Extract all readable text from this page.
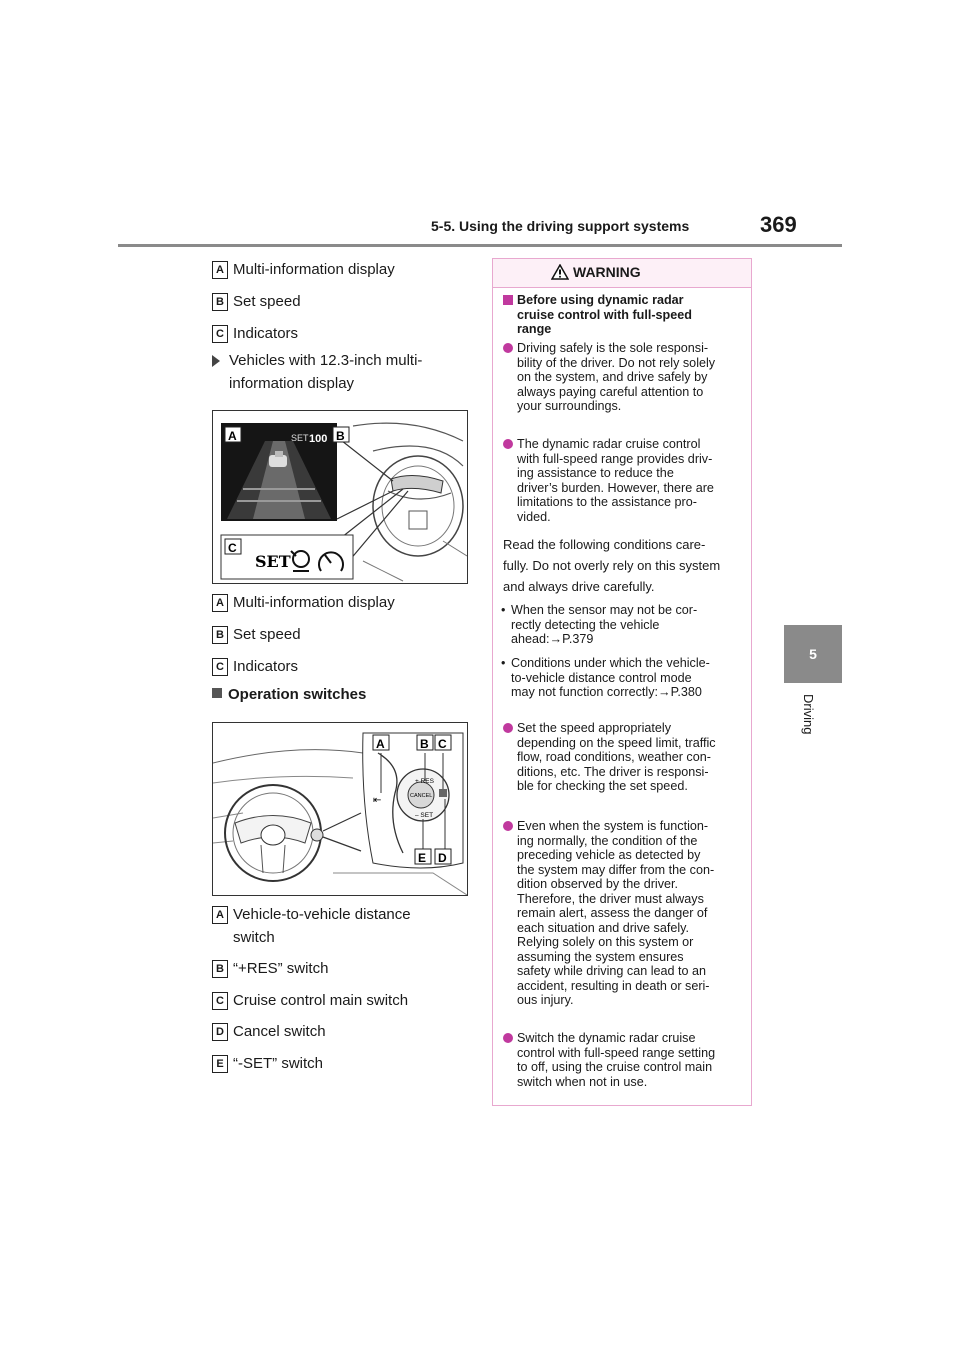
5-5. Using the driving support systems	369
5
Driving
A Multi-information display
B Set speed
C Indicators
Vehicles with 12.3-inch multi-
information display
SET 100
A	B
C
SET
A Multi-information display
B Set speed
C Indicators
Operation switches
⇤
+ RES
CANCEL
– SET
A	B C
D
E
A Vehicle-to-vehicle distance
switch
B “+RES” switch
C Cruise control main switch
D Cancel switch
E “-SET” switch
WARNING
Before using dynamic radar
cruise control with full-speed
range
Driving safely is the sole responsi-
bility of the driver. Do not rely solely
on the system, and drive safely by
always paying careful attention to
your surroundings.
The dynamic radar cruise control
with full-speed range provides driv-
ing assistance to reduce the
driver’s burden. However, there are
limitations to the assistance pro-
vided.
Read the following conditions care-
fully. Do not overly rely on this system
and always drive carefully.
• When the sensor may not be cor-
rectly detecting the vehicle
ahead:→P.379
• Conditions under which the vehicle-
to-vehicle distance control mode
may not function correctly:→P.380
Set the speed appropriately
depending on the speed limit, traffic
flow, road conditions, weather con-
ditions, etc. The driver is responsi-
ble for checking the set speed.
Even when the system is function-
ing normally, the condition of the
preceding vehicle as detected by
the system may differ from the con-
dition observed by the driver.
Therefore, the driver must always
remain alert, assess the danger of
each situation and drive safely.
Relying solely on this system or
assuming the system ensures
safety while driving can lead to an
accident, resulting in death or seri-
ous injury.
Switch the dynamic radar cruise
control with full-speed range setting
to off, using the cruise control main
switch when not in use.
